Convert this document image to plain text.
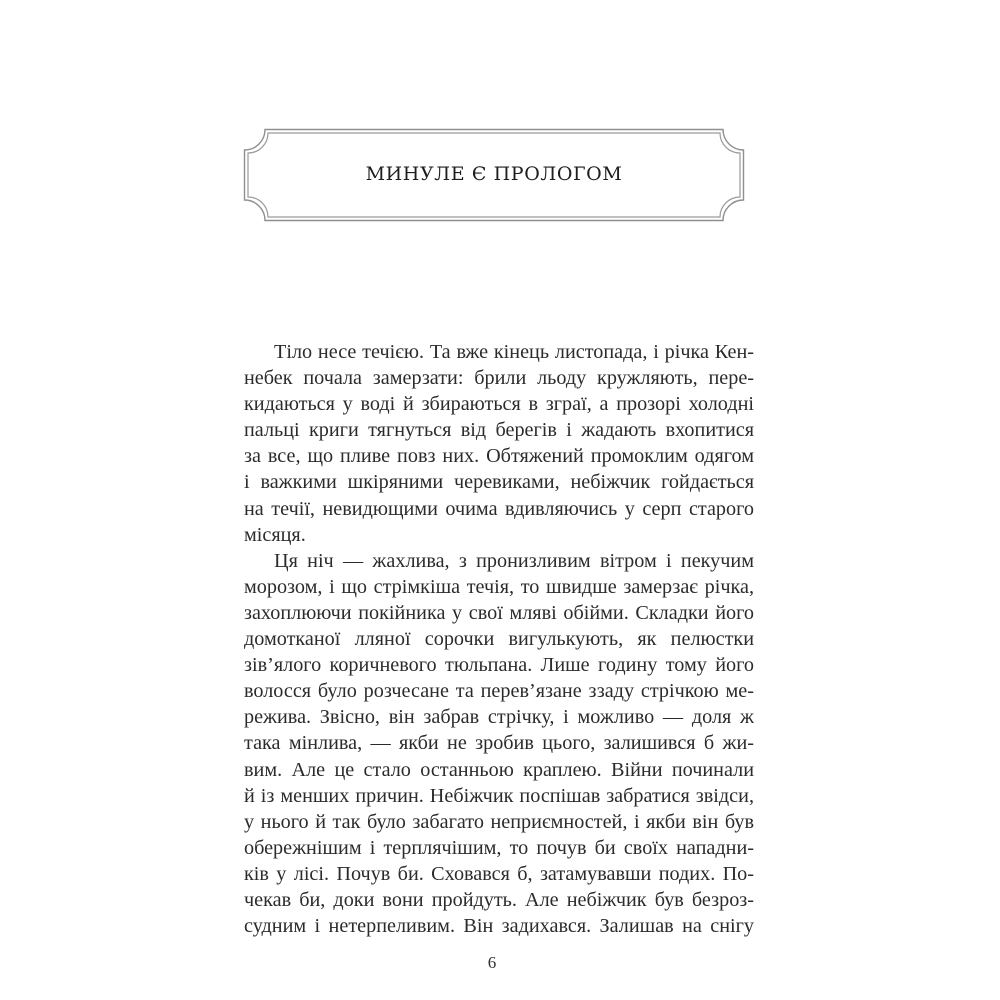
МИНУЛЕ Є ПРОЛОГОМ
Тіло несе течією. Та вже кінець листопада, і річка Кен-
небек почала замерзати: брили льоду кружляють, пере-
кидаються у воді й збираються в зграї, а прозорі холодні
пальці криги тягнуться від берегів і жадають вхопитися
за все, що пливе повз них. Обтяжений промоклим одягом
і важкими шкіряними черевиками, небіжчик гойдається
на течії, невидющими очима вдивляючись у серп старого
місяця.
Ця ніч — жахлива, з пронизливим вітром і пекучим
морозом, і що стрімкіша течія, то швидше замерзає річка,
захоплюючи покійника у свої мляві обійми. Складки його
домотканої лляної сорочки вигулькують, як пелюстки
зів’ялого коричневого тюльпана. Лише годину тому його
волосся було розчесане та перев’язане ззаду стрічкою ме-
режива. Звісно, він забрав стрічку, і можливо — доля ж
така мінлива, — якби не зробив цього, залишився б жи-
вим. Але це стало останньою краплею. Війни починали
й із менших причин. Небіжчик поспішав забратися звідси,
у нього й так було забагато неприємностей, і якби він був
обережнішим і терплячішим, то почув би своїх нападни-
ків у лісі. Почув би. Сховався б, затамувавши подих. По-
чекав би, доки вони пройдуть. Але небіжчик був безроз-
судним і нетерпеливим. Він задихався. Залишав на снігу
6
